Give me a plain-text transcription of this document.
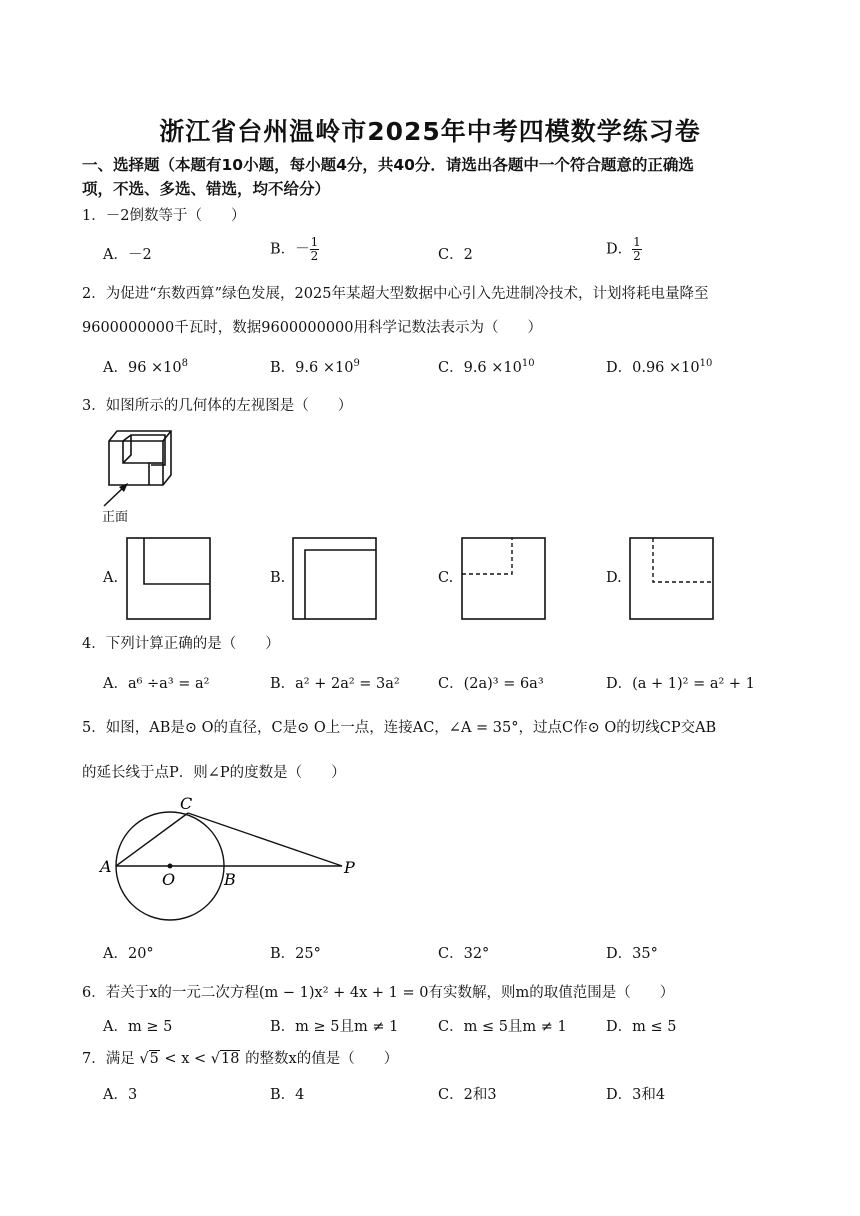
浙江省台州温岭市2025年中考四模数学练习卷
一、选择题（本题有10小题，每小题4分，共40分．请选出各题中一个符合题意的正确选
项，不选、多选、错选，均不给分）
1．－2倒数等于（　　）
A．－2	B．－ $\frac{1}{2}$	C．2	D． $\frac{1}{2}$
2．为促进“东数西算”绿色发展，2025年某超大型数据中心引入先进制冷技术，计划将耗电量降至
9600000000千瓦时，数据9600000000用科学记数法表示为（　　）
A．$96 \times 10^8$	B．$9.6 \times 10^9$	C．$9.6 \times 10^{10}$	D．$0.96 \times 10^{10}$
3．如图所示的几何体的左视图是（　　）
正面
A.	B.	C.	D.
4．下列计算正确的是（　　）
A．a⁶ ÷a³ = a²	B．a² + 2a² = 3a²	C．(2a)³ = 6a³	D．(a + 1)² = a² + 1
5．如图，AB是⊙ O的直径，C是⊙ O上一点，连接AC，∠A = 35°，过点C作⊙ O的切线CP交AB
的延长线于点P．则∠P的度数是（　　）
A
O	B
C
P
A．20°	B．25°	C．32°	D．35°
6．若关于x的一元二次方程(m − 1)x² + 4x + 1 = 0有实数解，则m的取值范围是（　　）
A．m ≥ 5	B．m ≥ 5且m ≠ 1	C．m ≤ 5且m ≠ 1	D．m ≤ 5
7．满足 √5 < x < √18 的整数x的值是（　　）
A．3	B．4	C．2和3	D．3和4
